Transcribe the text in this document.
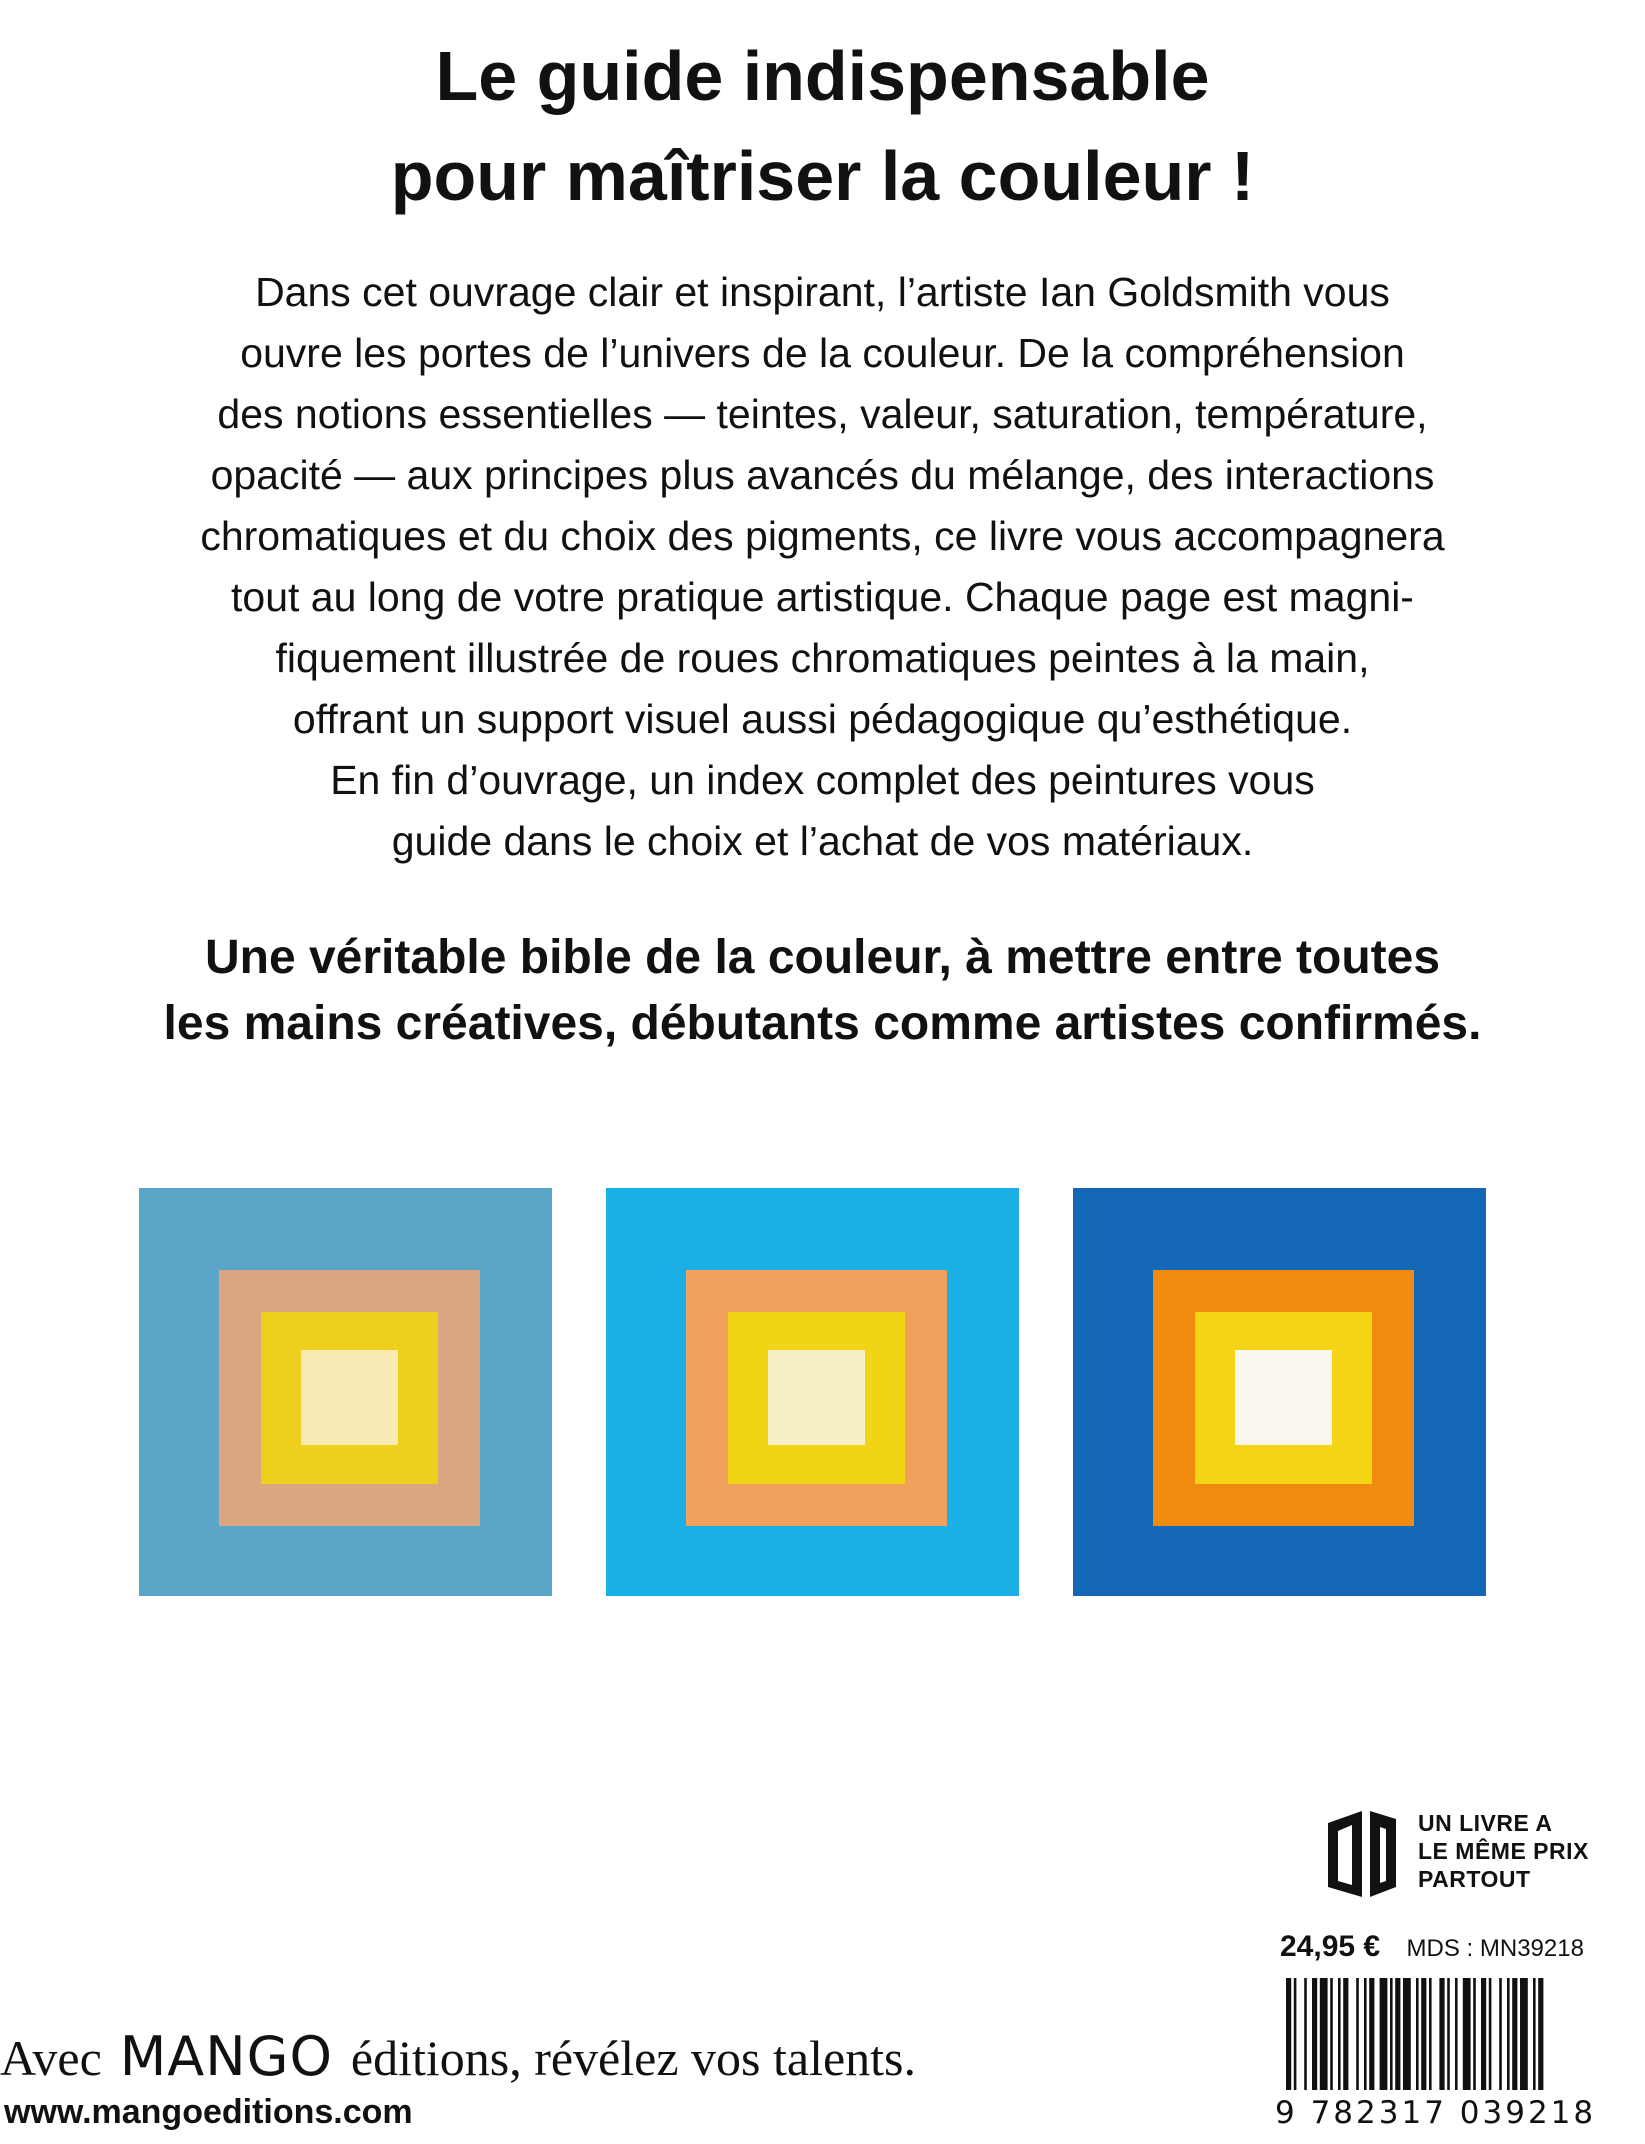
Le guide indispensable
pour maîtriser la couleur !

Dans cet ouvrage clair et inspirant, l’artiste Ian Goldsmith vous
ouvre les portes de l’univers de la couleur. De la compréhension
des notions essentielles — teintes, valeur, saturation, température,
opacité — aux principes plus avancés du mélange, des interactions
chromatiques et du choix des pigments, ce livre vous accompagnera
tout au long de votre pratique artistique. Chaque page est magni-
fiquement illustrée de roues chromatiques peintes à la main,
offrant un support visuel aussi pédagogique qu’esthétique.
En fin d’ouvrage, un index complet des peintures vous
guide dans le choix et l’achat de vos matériaux.

Une véritable bible de la couleur, à mettre entre toutes
les mains créatives, débutants comme artistes confirmés.

UN LIVRE A
LE MÊME PRIX
PARTOUT
24,95 € MDS : MN39218
9 782317 039218
Avec MANGO éditions, révélez vos talents.
www.mangoeditions.com
